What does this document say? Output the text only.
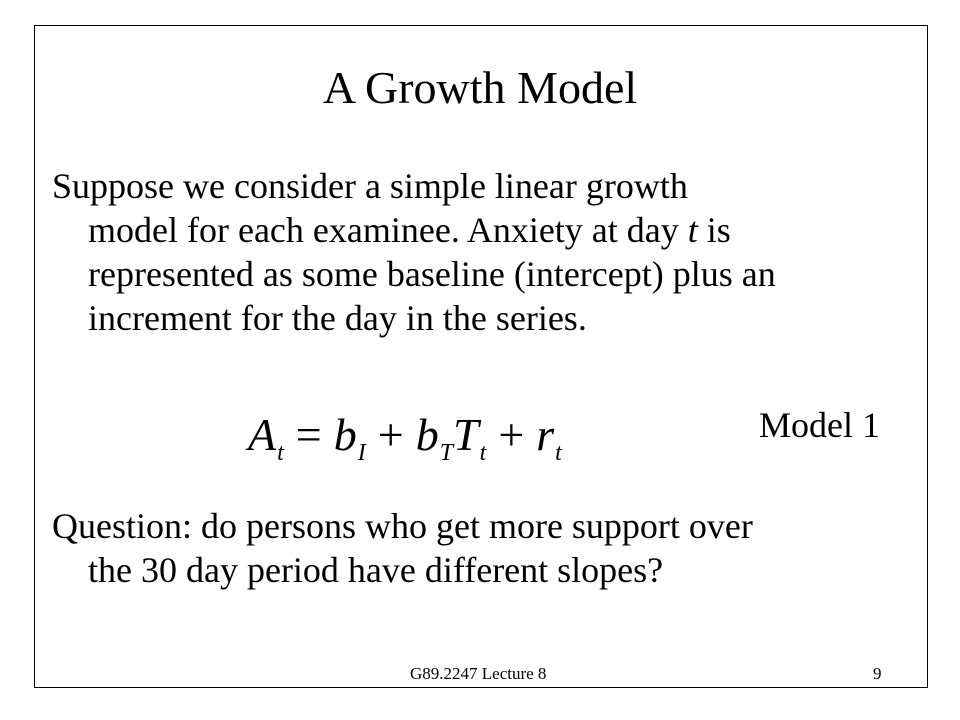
A Growth Model
Suppose we consider a simple linear growth
model for each examinee. Anxiety at day t is
represented as some baseline (intercept) plus an
increment for the day in the series.
$A_t = b_I + b_TT_t + r_t$
Model 1
Question: do persons who get more support over
the 30 day period have different slopes?
G89.2247 Lecture 8	9
